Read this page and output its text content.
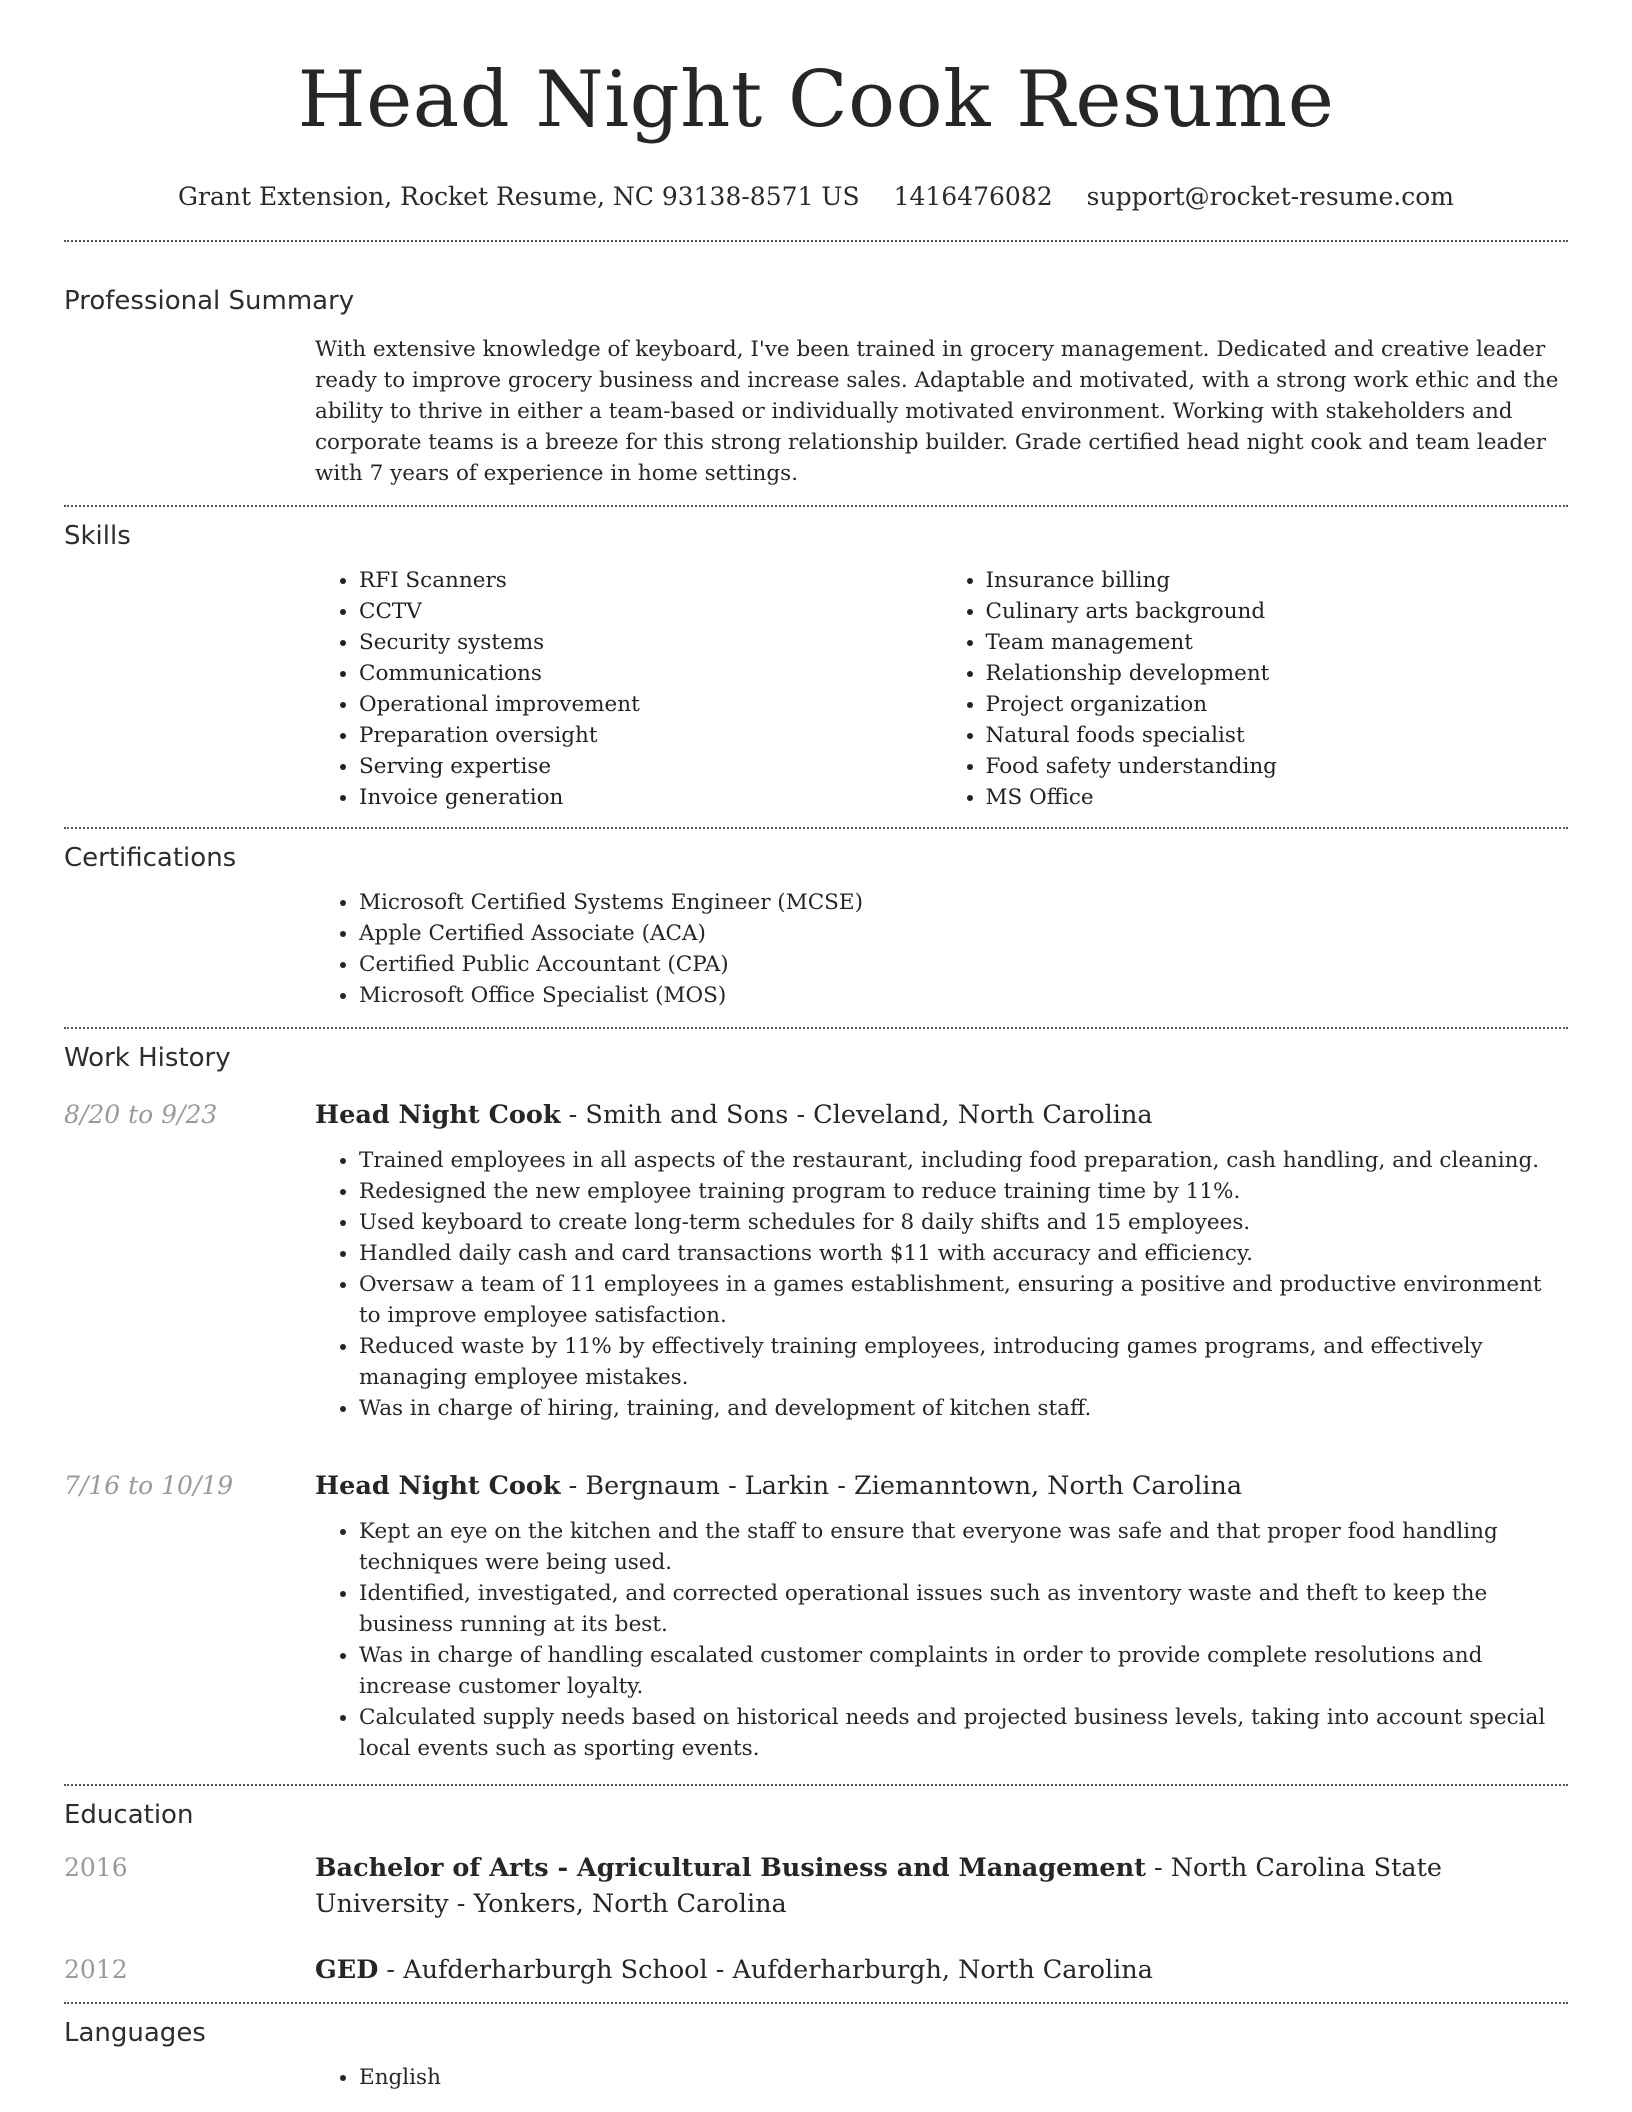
Head Night Cook Resume
Grant Extension, Rocket Resume, NC 93138-8571 US 1416476082 support@rocket-resume.com
Professional Summary

With extensive knowledge of keyboard, I've been trained in grocery management. Dedicated and creative leader ready to improve grocery business and increase sales. Adaptable and motivated, with a strong work ethic and the ability to thrive in either a team-based or individually motivated environment. Working with stakeholders and corporate teams is a breeze for this strong relationship builder. Grade certified head night cook and team leader with 7 years of experience in home settings.

Skills
• RFI Scanners
• CCTV
• Security systems
• Communications
• Operational improvement
• Preparation oversight
• Serving expertise
• Invoice generation
• Insurance billing
• Culinary arts background
• Team management
• Relationship development
• Project organization
• Natural foods specialist
• Food safety understanding
• MS Office
Certifications
• Microsoft Certified Systems Engineer (MCSE)
• Apple Certified Associate (ACA)
• Certified Public Accountant (CPA)
• Microsoft Office Specialist (MOS)
Work History
8/20 to 9/23	Head Night Cook - Smith and Sons - Cleveland, North Carolina
• Trained employees in all aspects of the restaurant, including food preparation, cash handling, and cleaning.
• Redesigned the new employee training program to reduce training time by 11%.
• Used keyboard to create long-term schedules for 8 daily shifts and 15 employees.
• Handled daily cash and card transactions worth $11 with accuracy and efficiency.
• Oversaw a team of 11 employees in a games establishment, ensuring a positive and productive environment to improve employee satisfaction.
• Reduced waste by 11% by effectively training employees, introducing games programs, and effectively managing employee mistakes.
• Was in charge of hiring, training, and development of kitchen staff.
7/16 to 10/19	Head Night Cook - Bergnaum - Larkin - Ziemanntown, North Carolina
• Kept an eye on the kitchen and the staff to ensure that everyone was safe and that proper food handling techniques were being used.
• Identified, investigated, and corrected operational issues such as inventory waste and theft to keep the business running at its best.
• Was in charge of handling escalated customer complaints in order to provide complete resolutions and increase customer loyalty.
• Calculated supply needs based on historical needs and projected business levels, taking into account special local events such as sporting events.
Education
2016	Bachelor of Arts - Agricultural Business and Management - North Carolina State University - Yonkers, North Carolina
2012	GED - Aufderharburgh School - Aufderharburgh, North Carolina
Languages
• English
